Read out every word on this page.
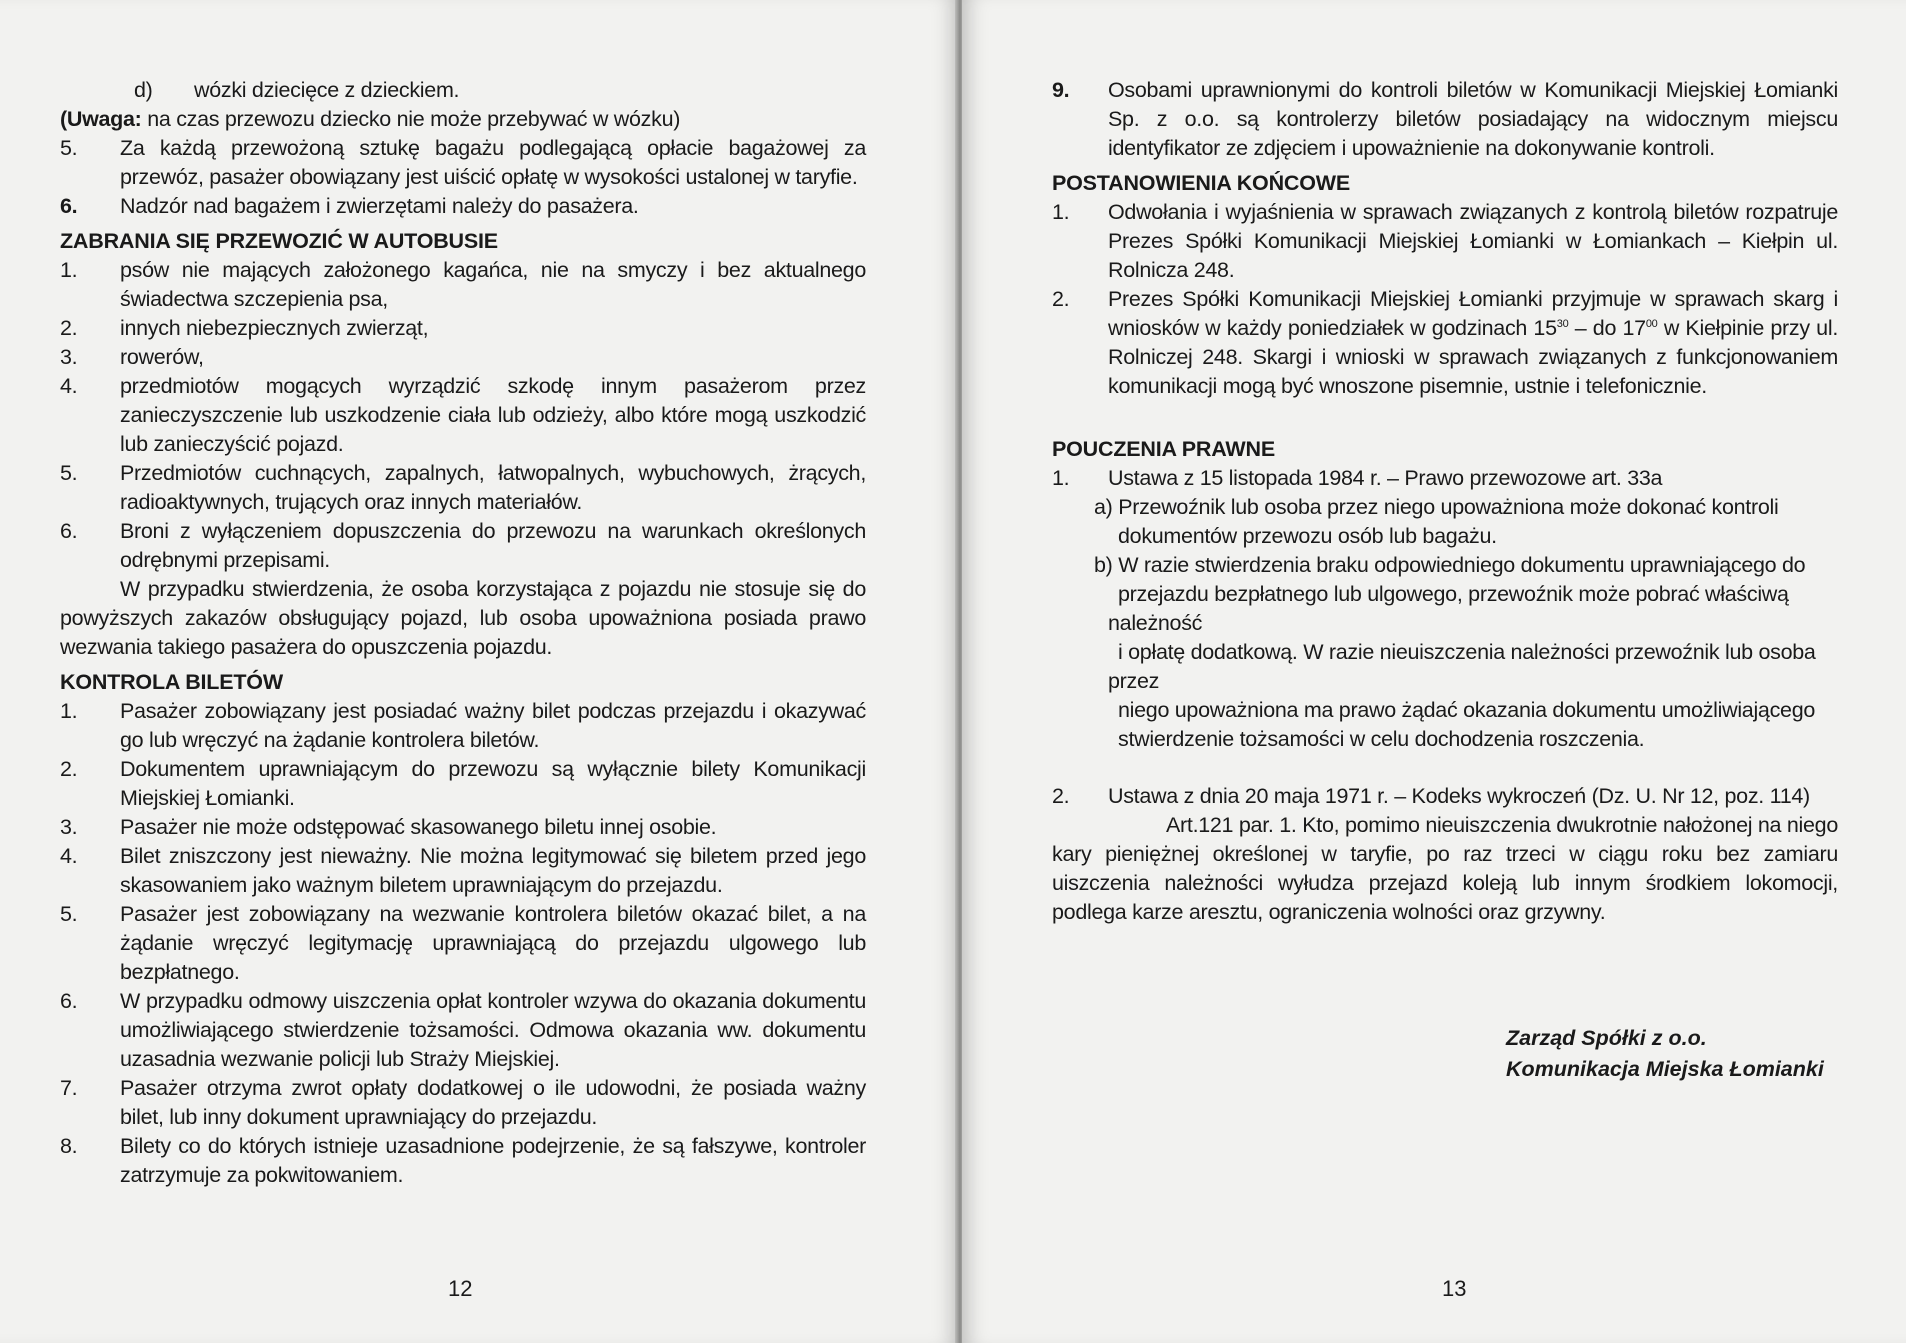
d)	wózki dziecięce z dzieckiem.

(Uwaga: na czas przewozu dziecko nie może przebywać w wózku)

5.	Za każdą przewożoną sztukę bagażu podlegającą opłacie bagażowej za przewóz, pasażer obowiązany jest uiścić opłatę w wysokości ustalonej w taryfie.
6.	Nadzór nad bagażem i zwierzętami należy do pasażera.

ZABRANIA SIĘ PRZEWOZIĆ W AUTOBUSIE

1.	psów nie mających założonego kagańca, nie na smyczy i bez aktualnego świadectwa szczepienia psa,
2.	innych niebezpiecznych zwierząt,
3.	rowerów,
4.	przedmiotów mogących wyrządzić szkodę innym pasażerom przez zanieczyszczenie lub uszkodzenie ciała lub odzieży, albo które mogą uszkodzić lub zanieczyścić pojazd.
5.	Przedmiotów cuchnących, zapalnych, łatwopalnych, wybuchowych, żrących, radioaktywnych, trujących oraz innych materiałów.
6.	Broni z wyłączeniem dopuszczenia do przewozu na warunkach określonych odrębnymi przepisami.

W przypadku stwierdzenia, że osoba korzystająca z pojazdu nie stosuje się do powyższych zakazów obsługujący pojazd, lub osoba upoważniona posiada prawo wezwania takiego pasażera do opuszczenia pojazdu.

KONTROLA BILETÓW

1.	Pasażer zobowiązany jest posiadać ważny bilet podczas przejazdu i okazywać go lub wręczyć na żądanie kontrolera biletów.
2.	Dokumentem uprawniającym do przewozu są wyłącznie bilety Komunikacji Miejskiej Łomianki.
3.	Pasażer nie może odstępować skasowanego biletu innej osobie.
4.	Bilet zniszczony jest nieważny. Nie można legitymować się biletem przed jego skasowaniem jako ważnym biletem uprawniającym do przejazdu.
5.	Pasażer jest zobowiązany na wezwanie kontrolera biletów okazać bilet, a na żądanie wręczyć legitymację uprawniającą do przejazdu ulgowego lub bezpłatnego.
6.	W przypadku odmowy uiszczenia opłat kontroler wzywa do okazania dokumentu umożliwiającego stwierdzenie tożsamości. Odmowa okazania ww. dokumentu uzasadnia wezwanie policji lub Straży Miejskiej.
7.	Pasażer otrzyma zwrot opłaty dodatkowej o ile udowodni, że posiada ważny bilet, lub inny dokument uprawniający do przejazdu.
8.	Bilety co do których istnieje uzasadnione podejrzenie, że są fałszywe, kontroler zatrzymuje za pokwitowaniem.
12
9.	Osobami uprawnionymi do kontroli biletów w Komunikacji Miejskiej Łomianki Sp. z o.o. są kontrolerzy biletów posiadający na widocznym miejscu identyfikator ze zdjęciem i upoważnienie na dokonywanie kontroli.

POSTANOWIENIA KOŃCOWE

1.	Odwołania i wyjaśnienia w sprawach związanych z kontrolą biletów rozpatruje Prezes Spółki Komunikacji Miejskiej Łomianki w Łomiankach – Kiełpin ul. Rolnicza 248.
2.	Prezes Spółki Komunikacji Miejskiej Łomianki przyjmuje w sprawach skarg i wniosków w każdy poniedziałek w godzinach $15^{30}$ – do $17^{00}$ w Kiełpinie przy ul. Rolniczej 248. Skargi i wnioski w sprawach związanych z funkcjonowaniem komunikacji mogą być wnoszone pisemnie, ustnie i telefonicznie.

POUCZENIA PRAWNE

1.	Ustawa z 15 listopada 1984 r. – Prawo przewozowe art. 33a

a) Przewoźnik lub osoba przez niego upoważniona może dokonać kontroli

dokumentów przewozu osób lub bagażu.

b) W razie stwierdzenia braku odpowiedniego dokumentu uprawniającego do

przejazdu bezpłatnego lub ulgowego, przewoźnik może pobrać właściwą

należność

i opłatę dodatkową. W razie nieuiszczenia należności przewoźnik lub osoba

przez

niego upoważniona ma prawo żądać okazania dokumentu umożliwiającego

stwierdzenie tożsamości w celu dochodzenia roszczenia.

2.	Ustawa z dnia 20 maja 1971 r. – Kodeks wykroczeń (Dz. U. Nr 12, poz. 114)

Art.121 par. 1. Kto, pomimo nieuiszczenia dwukrotnie nałożonej na niego kary pieniężnej określonej w taryfie, po raz trzeci w ciągu roku bez zamiaru uiszczenia należności wyłudza przejazd koleją lub innym środkiem lokomocji, podlega karze aresztu, ograniczenia wolności oraz grzywny.

Zarząd Spółki z o.o.
Komunikacja Miejska Łomianki
13
